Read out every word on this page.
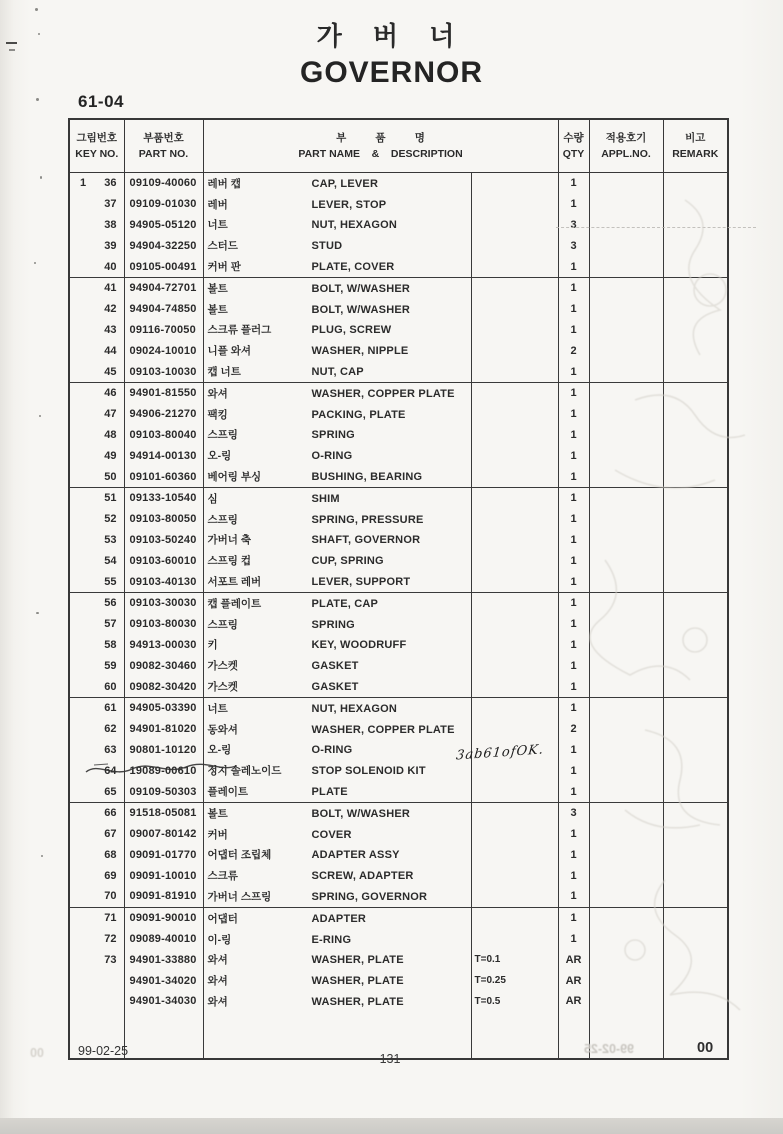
가 버 너
GOVERNOR
61-04
그림번호
KEY NO.

부품번호
PART NO.

부          품          명
PART NAME    &    DESCRIPTION

수량
QTY

적용호기
APPL.NO.

비고
REMARK

1 36	09109-40060	레버 캡 CAP, LEVER		1		

37	09109-01030	레버 LEVER, STOP		1		

38	94905-05120	너트 NUT, HEXAGON		3		

39	94904-32250	스터드 STUD		3		

40	09105-00491	커버 판 PLATE, COVER		1		

41	94904-72701	볼트 BOLT, W/WASHER		1		

42	94904-74850	볼트 BOLT, W/WASHER		1		

43	09116-70050	스크류 플러그 PLUG, SCREW		1		

44	09024-10010	니플 와셔 WASHER, NIPPLE		2		

45	09103-10030	캡 너트 NUT, CAP		1		

46	94901-81550	와셔 WASHER, COPPER PLATE		1		

47	94906-21270	팩킹 PACKING, PLATE		1		

48	09103-80040	스프링 SPRING		1		

49	94914-00130	오-링 O-RING		1		

50	09101-60360	베어링 부싱 BUSHING, BEARING		1		

51	09133-10540	심 SHIM		1		

52	09103-80050	스프링 SPRING, PRESSURE		1		

53	09103-50240	가버너 축 SHAFT, GOVERNOR		1		

54	09103-60010	스프링 컵 CUP, SPRING		1		

55	09103-40130	서포트 레버 LEVER, SUPPORT		1		

56	09103-30030	캡 플레이트 PLATE, CAP		1		

57	09103-80030	스프링 SPRING		1		

58	94913-00030	키 KEY, WOODRUFF		1		

59	09082-30460	가스켓 GASKET		1		

60	09082-30420	가스켓 GASKET		1		

61	94905-03390	너트 NUT, HEXAGON		1		

62	94901-81020	동와셔 WASHER, COPPER PLATE		2		

63	90801-10120	오-링 O-RING		1		

64	19089-00610	정지 솔레노이드 STOP SOLENOID KIT		1		

65	09109-50303	플레이트 PLATE		1		

66	91518-05081	볼트 BOLT, W/WASHER		3		

67	09007-80142	커버 COVER		1		

68	09091-01770	어댑터 조립체 ADAPTER ASSY		1		

69	09091-10010	스크류 SCREW, ADAPTER		1		

70	09091-81910	가버너 스프링 SPRING, GOVERNOR		1		

71	09091-90010	어댑터 ADAPTER		1		

72	09089-40010	이-링 E-RING		1		

73	94901-33880	와셔 WASHER, PLATE	T=0.1	AR		

	94901-34020	와셔 WASHER, PLATE	T=0.25	AR		

	94901-34030	와셔 WASHER, PLATE	T=0.5	AR		

3ab61ofOK.
99-02-25
131
00
99-02-25
00
